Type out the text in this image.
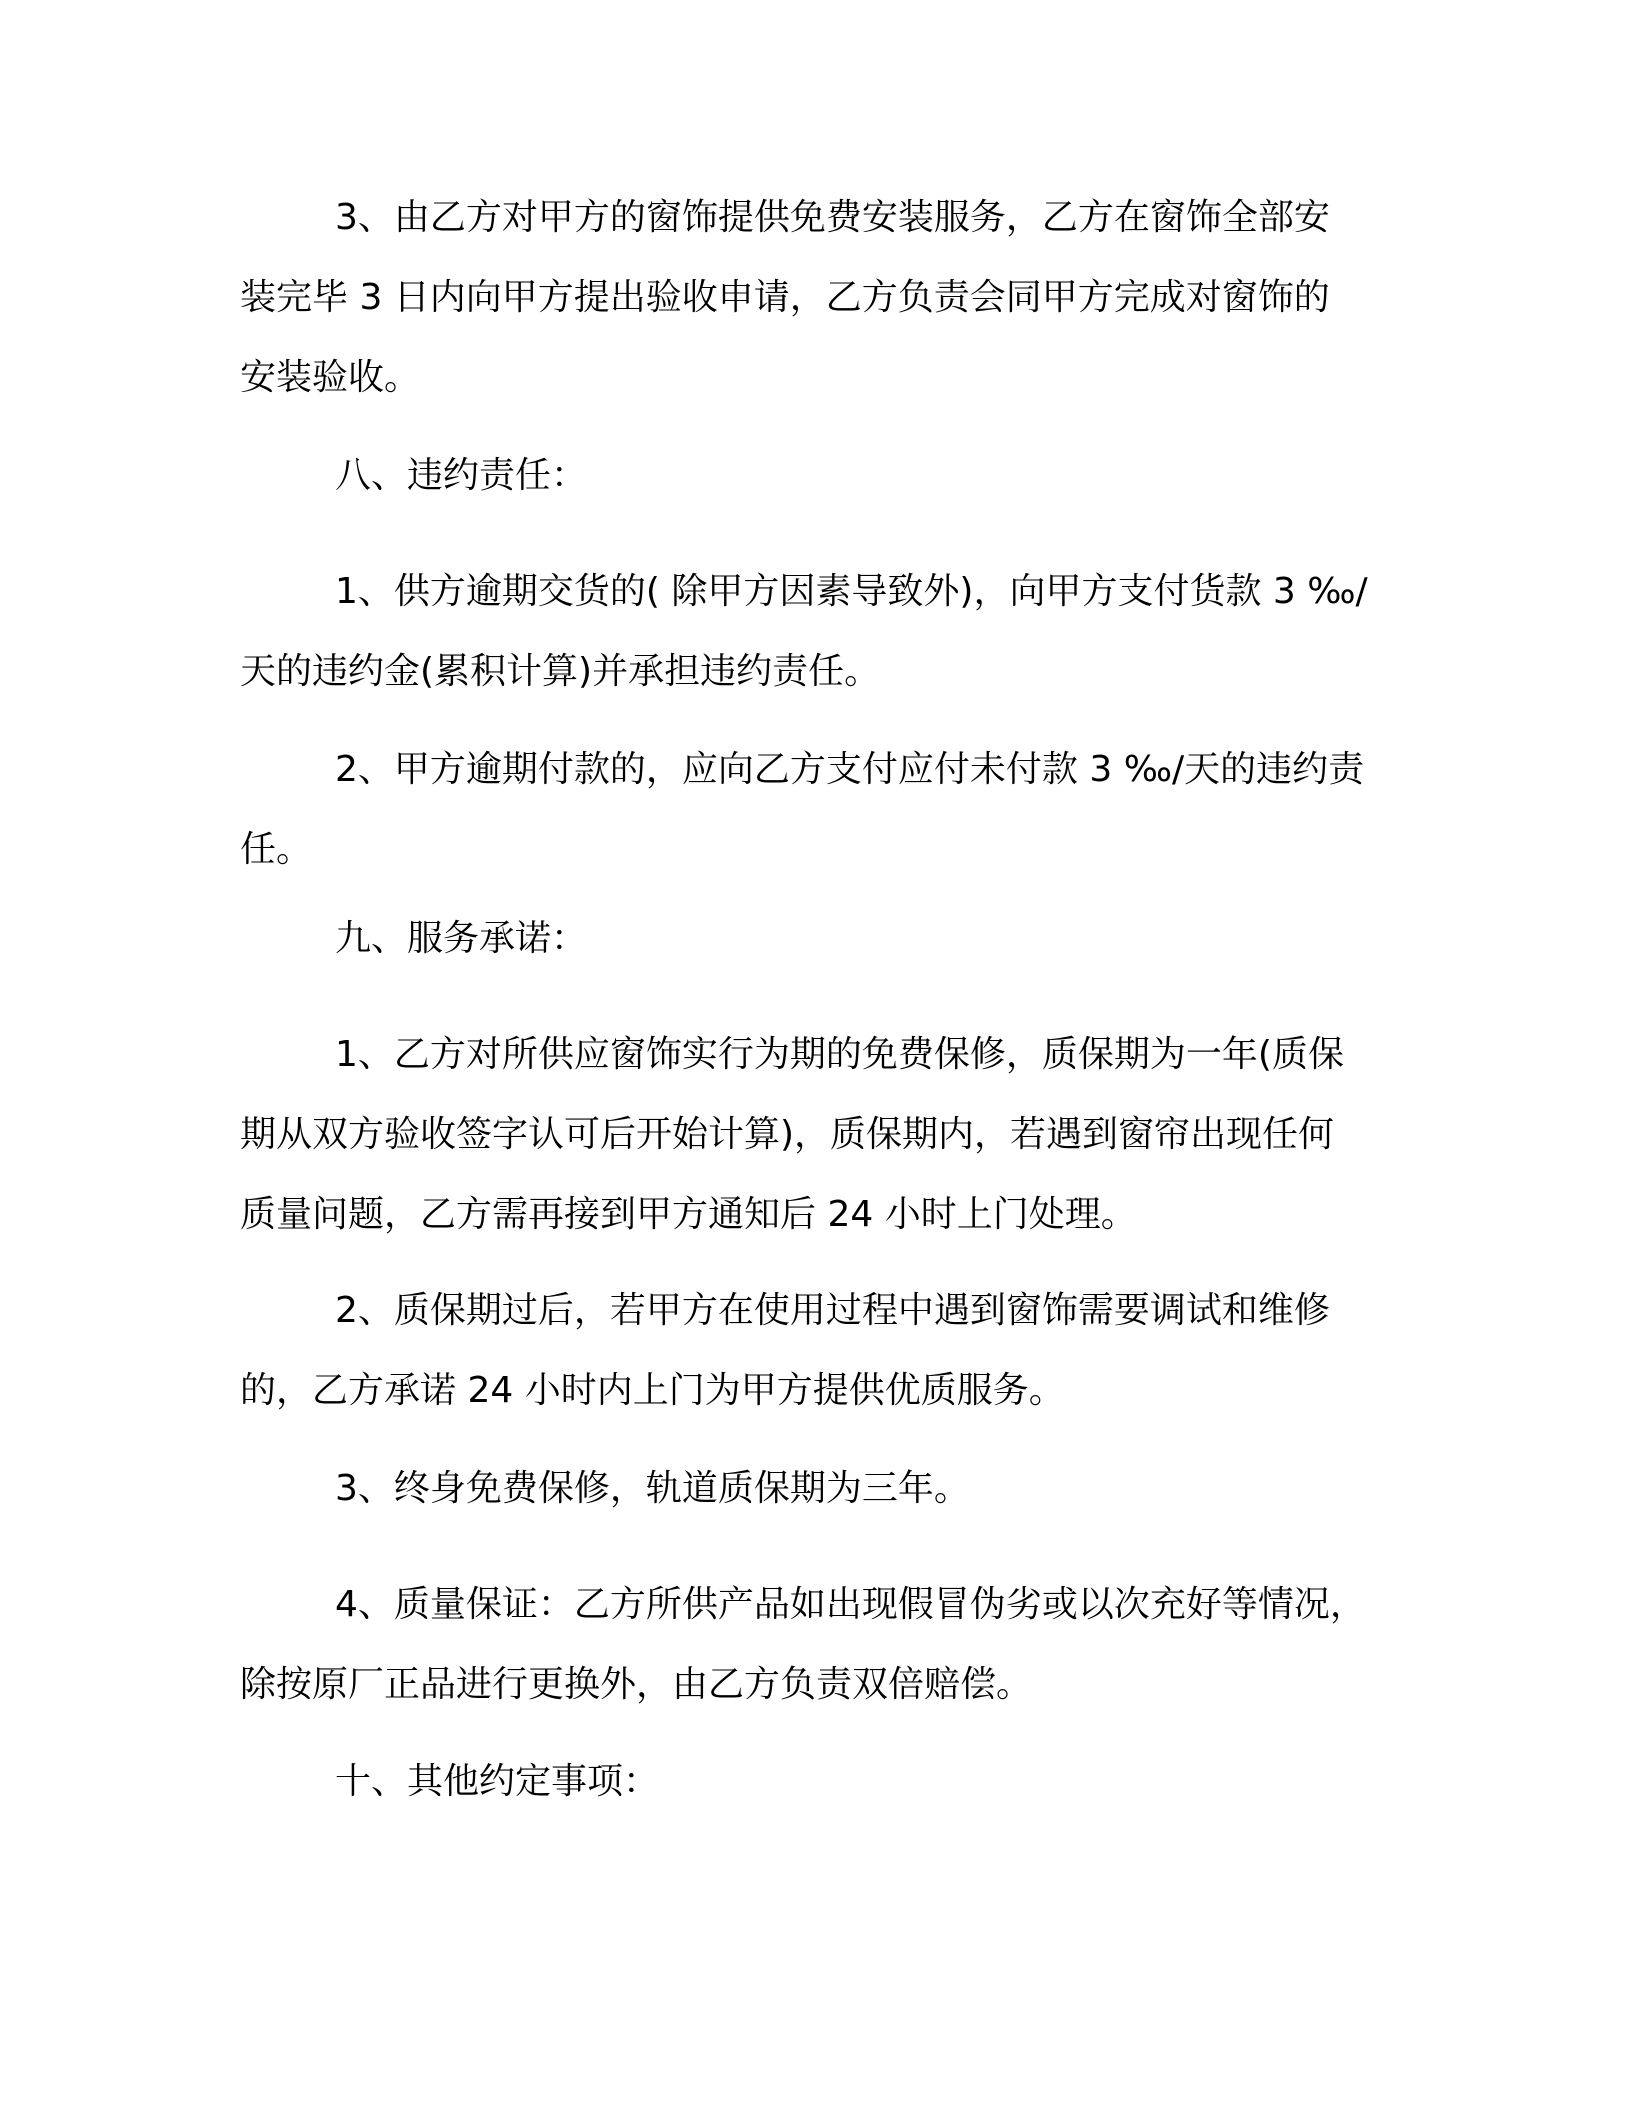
3、由乙方对甲方的窗饰提供免费安装服务，乙方在窗饰全部安
装完毕 3 日内向甲方提出验收申请，乙方负责会同甲方完成对窗饰的
安装验收。
八、违约责任：
1、供方逾期交货的( 除甲方因素导致外)，向甲方支付货款 3 ‰/
天的违约金(累积计算)并承担违约责任。
2、甲方逾期付款的，应向乙方支付应付未付款 3 ‰/天的违约责
任。
九、服务承诺：
1、乙方对所供应窗饰实行为期的免费保修，质保期为一年(质保
期从双方验收签字认可后开始计算)，质保期内，若遇到窗帘出现任何
质量问题，乙方需再接到甲方通知后 24 小时上门处理。
2、质保期过后，若甲方在使用过程中遇到窗饰需要调试和维修
的，乙方承诺 24 小时内上门为甲方提供优质服务。
3、终身免费保修，轨道质保期为三年。
4、质量保证：乙方所供产品如出现假冒伪劣或以次充好等情况，
除按原厂正品进行更换外，由乙方负责双倍赔偿。
十、其他约定事项：
